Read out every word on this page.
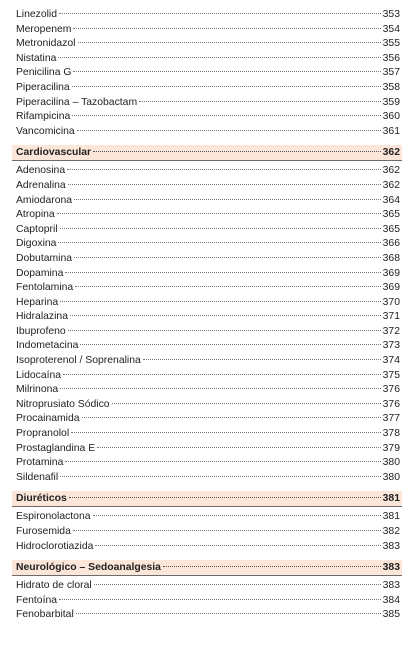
Linezolid	353
Meropenem	354
Metronidazol	355
Nistatina	356
Penicilina G	357
Piperacilina	358
Piperacilina – Tazobactam	359
Rifampicina	360
Vancomicina	361
Cardiovascular	362
Adenosina	362
Adrenalina	362
Amiodarona	364
Atropina	365
Captopril	365
Digoxina	366
Dobutamina	368
Dopamina	369
Fentolamina	369
Heparina	370
Hidralazina	371
Ibuprofeno	372
Indometacina	373
Isoproterenol / Soprenalina	374
Lidocaína	375
Milrinona	376
Nitroprusiato Sódico	376
Procainamida	377
Propranolol	378
Prostaglandina E	379
Protamina	380
Sildenafil	380
Diuréticos	381
Espironolactona	381
Furosemida	382
Hidroclorotiazida	383
Neurológico – Sedoanalgesia	383
Hidrato de cloral	383
Fentoína	384
Fenobarbital	385
